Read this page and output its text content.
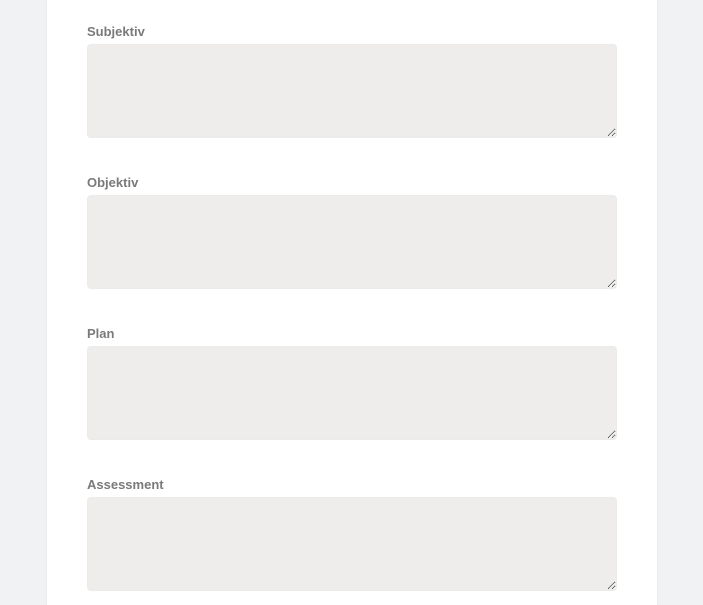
Subjektiv
Objektiv
Plan
Assessment
